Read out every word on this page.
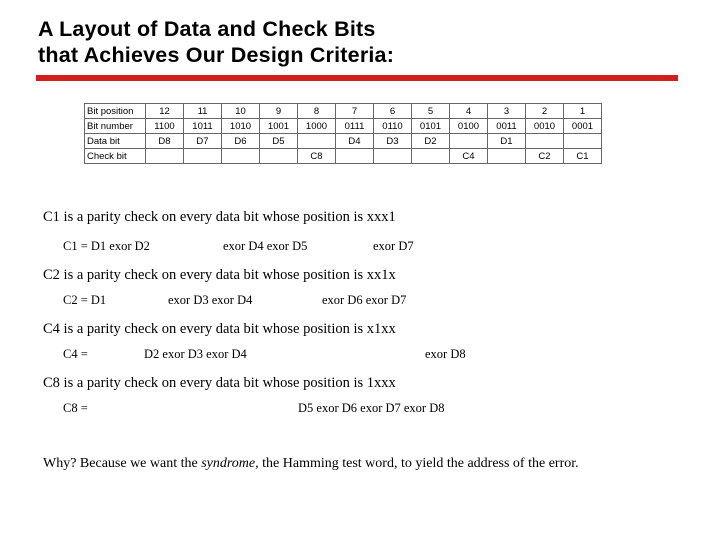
A Layout of Data and Check Bits
that Achieves Our Design Criteria:
Bit position	12	11	10	9	8	7	6	5	4	3	2	1
Bit number	1100	1011	1010	1001	1000	0111	0110	0101	0100	0011	0010	0001
Data bit	D8	D7	D6	D5		D4	D3	D2		D1		
Check bit					C8				C4		C2	C1
C1 is a parity check on every data bit whose position is xxx1
C1 = D1 exor D2	exor D4 exor D5	exor D7
C2 is a parity check on every data bit whose position is xx1x
C2 = D1	exor D3 exor D4	exor D6 exor D7
C4 is a parity check on every data bit whose position is x1xx
C4 =	D2 exor D3 exor D4	exor D8
C8 is a parity check on every data bit whose position is 1xxx
C8 =	D5 exor D6 exor D7 exor D8
Why? Because we want the syndrome, the Hamming test word, to yield the address of the error.
